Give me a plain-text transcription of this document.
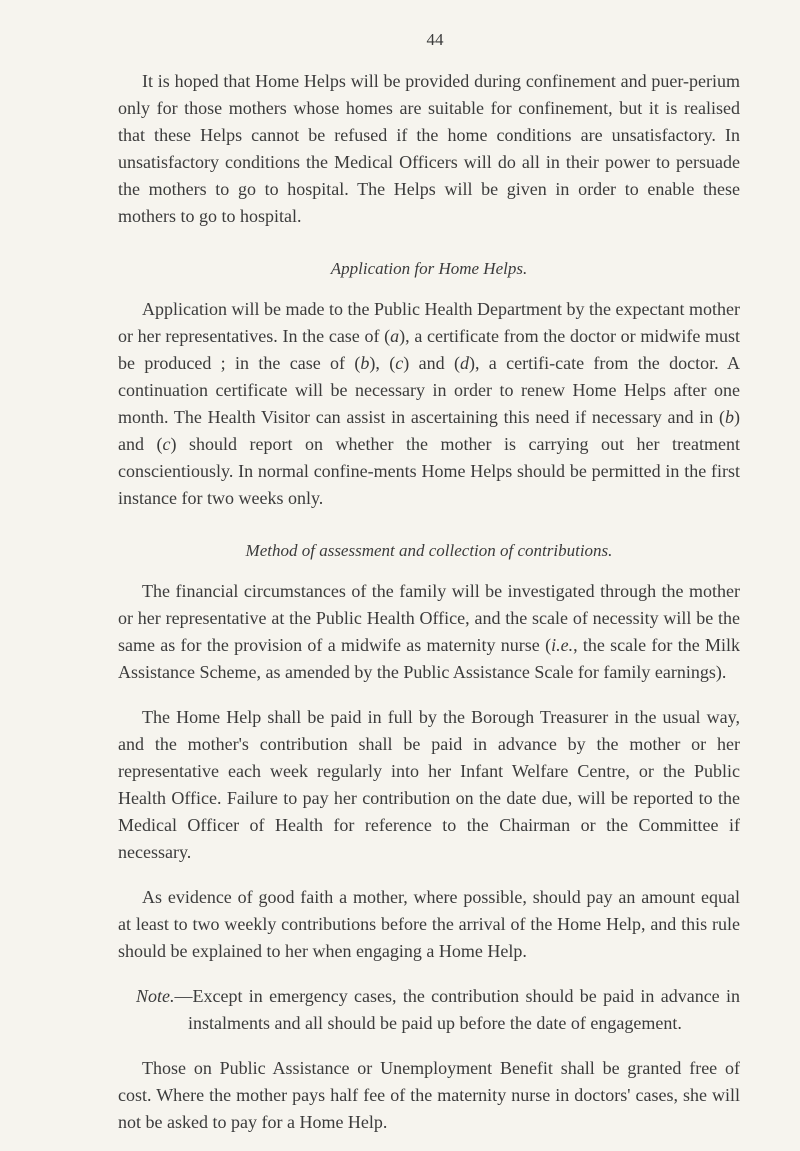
44

It is hoped that Home Helps will be provided during confinement and puer-perium only for those mothers whose homes are suitable for confinement, but it is realised that these Helps cannot be refused if the home conditions are unsatisfactory. In unsatisfactory conditions the Medical Officers will do all in their power to persuade the mothers to go to hospital. The Helps will be given in order to enable these mothers to go to hospital.

Application for Home Helps.

Application will be made to the Public Health Department by the expectant mother or her representatives. In the case of (a), a certificate from the doctor or midwife must be produced ; in the case of (b), (c) and (d), a certifi-cate from the doctor. A continuation certificate will be necessary in order to renew Home Helps after one month. The Health Visitor can assist in ascertaining this need if necessary and in (b) and (c) should report on whether the mother is carrying out her treatment conscientiously. In normal confine-ments Home Helps should be permitted in the first instance for two weeks only.

Method of assessment and collection of contributions.

The financial circumstances of the family will be investigated through the mother or her representative at the Public Health Office, and the scale of necessity will be the same as for the provision of a midwife as maternity nurse (i.e., the scale for the Milk Assistance Scheme, as amended by the Public Assistance Scale for family earnings).

The Home Help shall be paid in full by the Borough Treasurer in the usual way, and the mother's contribution shall be paid in advance by the mother or her representative each week regularly into her Infant Welfare Centre, or the Public Health Office. Failure to pay her contribution on the date due, will be reported to the Medical Officer of Health for reference to the Chairman or the Committee if necessary.

As evidence of good faith a mother, where possible, should pay an amount equal at least to two weekly contributions before the arrival of the Home Help, and this rule should be explained to her when engaging a Home Help.

Note.—Except in emergency cases, the contribution should be paid in advance in instalments and all should be paid up before the date of engagement.

Those on Public Assistance or Unemployment Benefit shall be granted free of cost. Where the mother pays half fee of the maternity nurse in doctors' cases, she will not be asked to pay for a Home Help.
